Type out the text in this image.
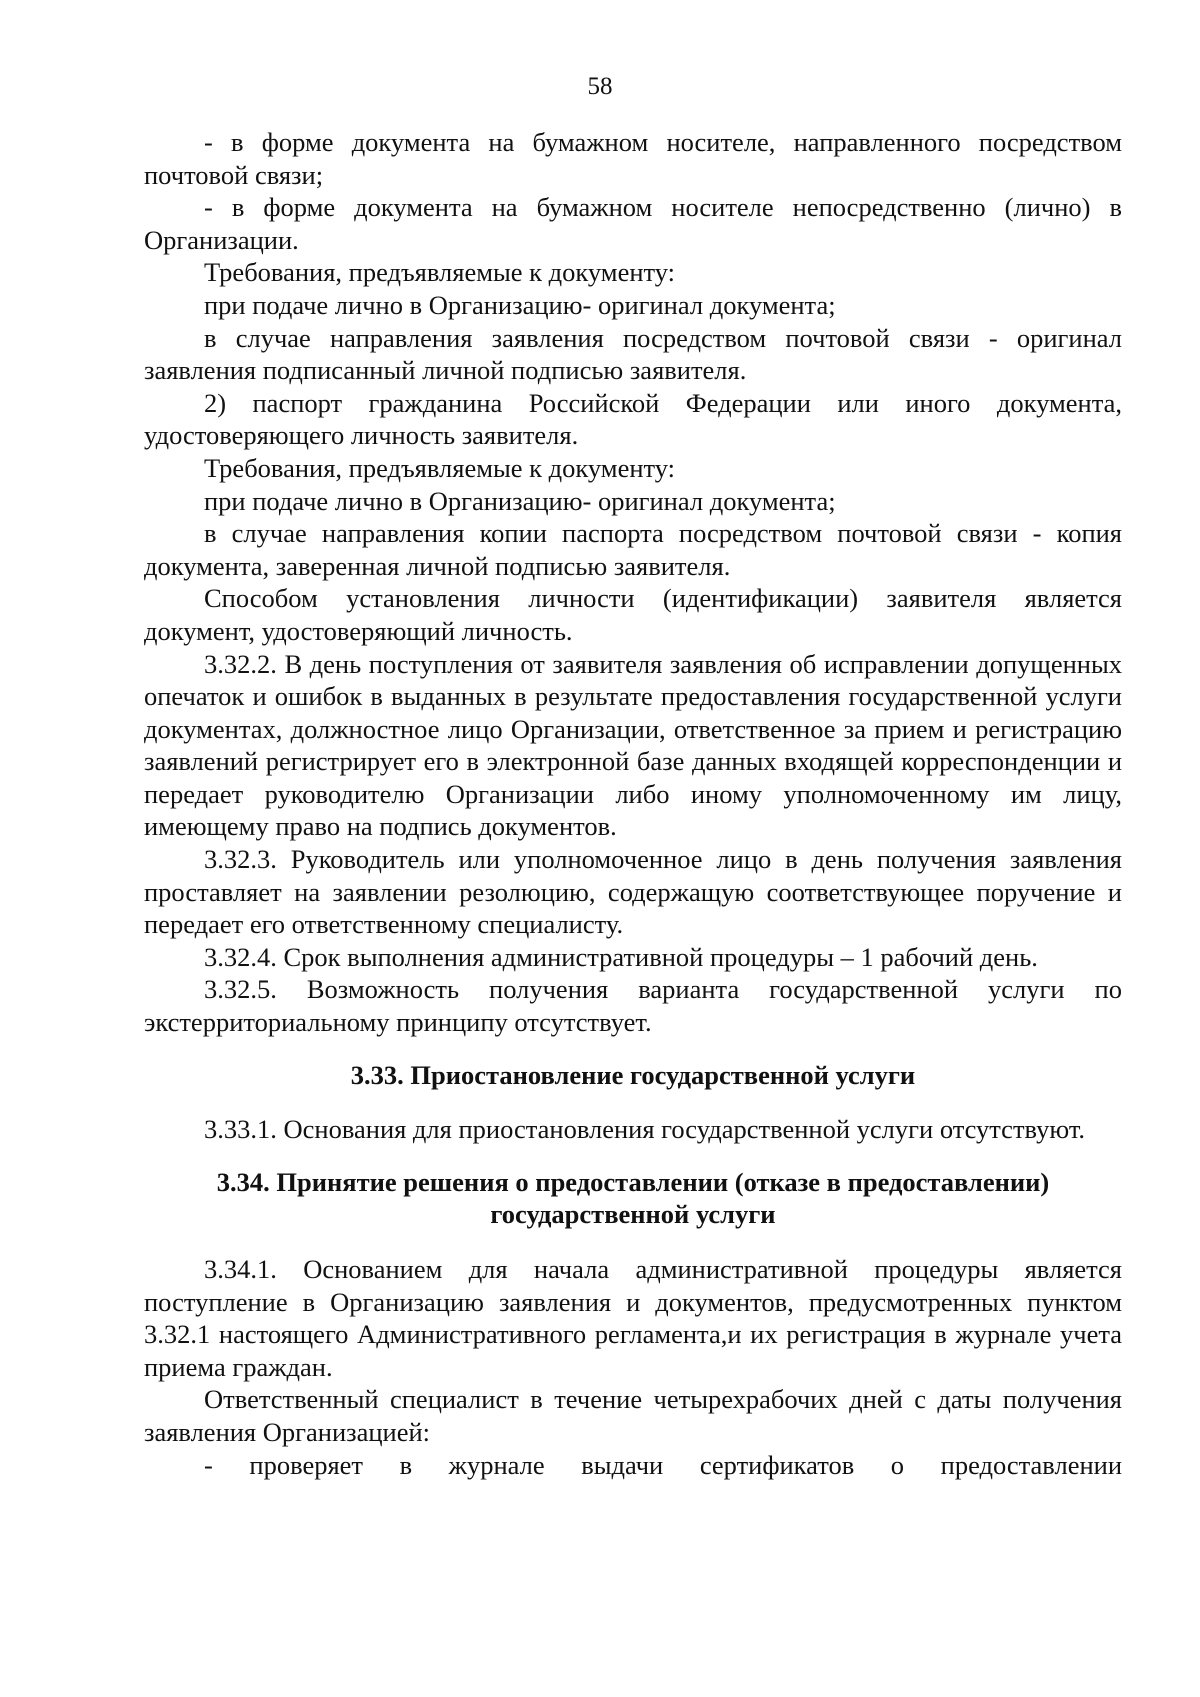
58

- в форме документа на бумажном носителе, направленного посредством почтовой связи;

- в форме документа на бумажном носителе непосредственно (лично) в Организации.

Требования, предъявляемые к документу:

при подаче лично в Организацию- оригинал документа;

в случае направления заявления посредством почтовой связи - оригинал заявления подписанный личной подписью заявителя.

2) паспорт гражданина Российской Федерации или иного документа, удостоверяющего личность заявителя.

Требования, предъявляемые к документу:

при подаче лично в Организацию- оригинал документа;

в случае направления копии паспорта посредством почтовой связи - копия документа, заверенная личной подписью заявителя.

Способом установления личности (идентификации) заявителя является документ, удостоверяющий личность.

3.32.2. В день поступления от заявителя заявления об исправлении допущенных опечаток и ошибок в выданных в результате предоставления государственной услуги документах, должностное лицо Организации, ответственное за прием и регистрацию заявлений регистрирует его в электронной базе данных входящей корреспонденции и передает руководителю Организации либо иному уполномоченному им лицу, имеющему право на подпись документов.

3.32.3. Руководитель или уполномоченное лицо в день получения заявления проставляет на заявлении резолюцию, содержащую соответствующее поручение и передает его ответственному специалисту.

3.32.4. Срок выполнения административной процедуры – 1 рабочий день.

3.32.5. Возможность получения варианта государственной услуги по экстерриториальному принципу отсутствует.

3.33. Приостановление государственной услуги

3.33.1. Основания для приостановления государственной услуги отсутствуют.

3.34. Принятие решения о предоставлении (отказе в предоставлении)

государственной услуги

3.34.1. Основанием для начала административной процедуры является поступление в Организацию заявления и документов, предусмотренных пунктом 3.32.1 настоящего Административного регламента,и их регистрация в журнале учета приема граждан.

Ответственный специалист в течение четырехрабочих дней с даты получения заявления Организацией:

- проверяет в журнале выдачи сертификатов о предоставлении
